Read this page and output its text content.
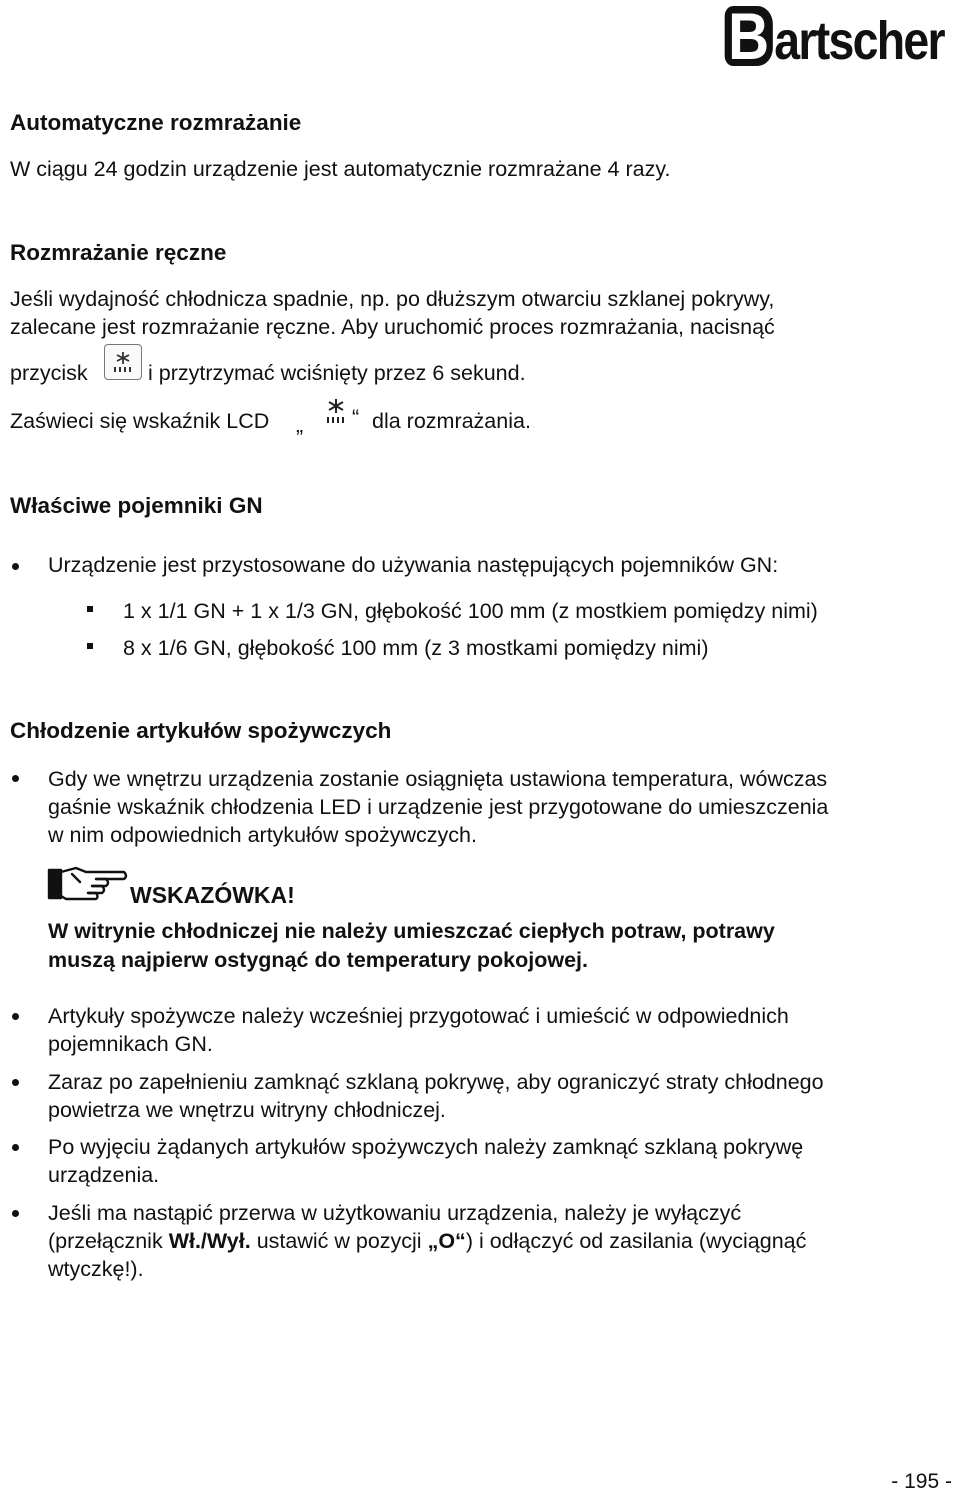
B artscher
Automatyczne rozmrażanie

W ciągu 24 godzin urządzenie jest automatycznie rozmrażane 4 razy.

Rozmrażanie ręczne

Jeśli wydajność chłodnicza spadnie, np. po dłuższym otwarciu szklanej pokrywy,

zalecane jest rozmrażanie ręczne. Aby uruchomić proces rozmrażania, nacisnąć

przycisk	i przytrzymać wciśnięty przez 6 sekund.

Zaświeci się wskaźnik LCD „ “ dla rozmrażania.

Właściwe pojemniki GN

Urządzenie jest przystosowane do używania następujących pojemników GN:

1 x 1/1 GN + 1 x 1/3 GN, głębokość 100 mm (z mostkiem pomiędzy nimi)

8 x 1/6 GN, głębokość 100 mm (z 3 mostkami pomiędzy nimi)

Chłodzenie artykułów spożywczych

Gdy we wnętrzu urządzenia zostanie osiągnięta ustawiona temperatura, wówczas

gaśnie wskaźnik chłodzenia LED i urządzenie jest przygotowane do umieszczenia

w nim odpowiednich artykułów spożywczych.

WSKAZÓWKA!

W witrynie chłodniczej nie należy umieszczać ciepłych potraw, potrawy

muszą najpierw ostygnąć do temperatury pokojowej.

Artykuły spożywcze należy wcześniej przygotować i umieścić w odpowiednich

pojemnikach GN.

Zaraz po zapełnieniu zamknąć szklaną pokrywę, aby ograniczyć straty chłodnego

powietrza we wnętrzu witryny chłodniczej.

Po wyjęciu żądanych artykułów spożywczych należy zamknąć szklaną pokrywę

urządzenia.

Jeśli ma nastąpić przerwa w użytkowaniu urządzenia, należy je wyłączyć

(przełącznik Wł./Wył. ustawić w pozycji „O“) i odłączyć od zasilania (wyciągnąć

wtyczkę!).

- 195 -
